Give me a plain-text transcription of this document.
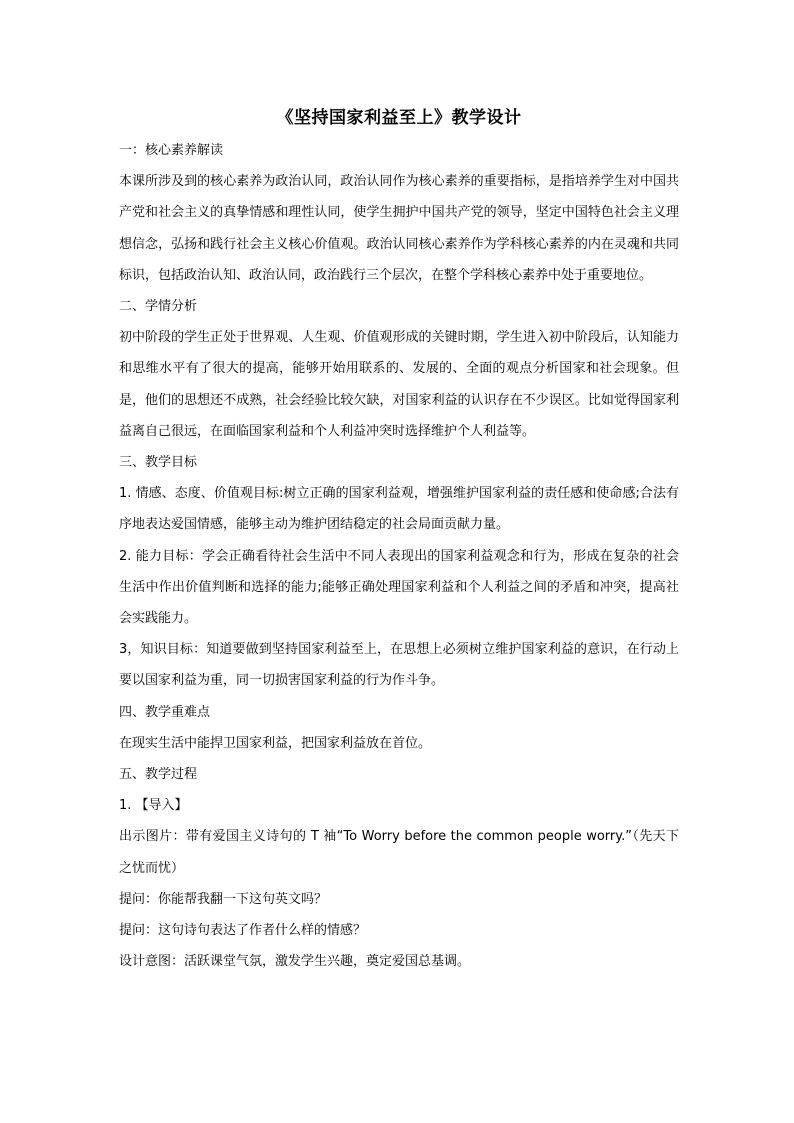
《坚持国家利益至上》教学设计

一：核心素养解读

本课所涉及到的核心素养为政治认同，政治认同作为核心素养的重要指标，是指培养学生对中国共产党和社会主义的真挚情感和理性认同，使学生拥护中国共产党的领导，坚定中国特色社会主义理想信念，弘扬和践行社会主义核心价值观。政治认同核心素养作为学科核心素养的内在灵魂和共同标识，包括政治认知、政治认同，政治践行三个层次，在整个学科核心素养中处于重要地位。

二、学情分析

初中阶段的学生正处于世界观、人生观、价值观形成的关键时期，学生进入初中阶段后，认知能力和思维水平有了很大的提高，能够开始用联系的、发展的、全面的观点分析国家和社会现象。但是，他们的思想还不成熟，社会经验比较欠缺，对国家利益的认识存在不少误区。比如觉得国家利益离自己很远，在面临国家利益和个人利益冲突时选择维护个人利益等。

三、教学目标

1. 情感、态度、价值观目标:树立正确的国家利益观，增强维护国家利益的责任感和使命感;合法有序地表达爱国情感，能够主动为维护团结稳定的社会局面贡献力量。

2. 能力目标：学会正确看待社会生活中不同人表现出的国家利益观念和行为，形成在复杂的社会生活中作出价值判断和选择的能力;能够正确处理国家利益和个人利益之间的矛盾和冲突，提高社会实践能力。

3，知识目标：知道要做到坚持国家利益至上，在思想上必须树立维护国家利益的意识，在行动上要以国家利益为重，同一切损害国家利益的行为作斗争。

四、教学重难点

在现实生活中能捍卫国家利益，把国家利益放在首位。

五、教学过程

1. 【导入】

出示图片：带有爱国主义诗句的 T 袖“To Worry before the common people worry.”（先天下之忧而忧）

提问：你能帮我翻一下这句英文吗？

提问：这句诗句表达了作者什么样的情感？

设计意图：活跃课堂气氛，激发学生兴趣，奠定爱国总基调。
